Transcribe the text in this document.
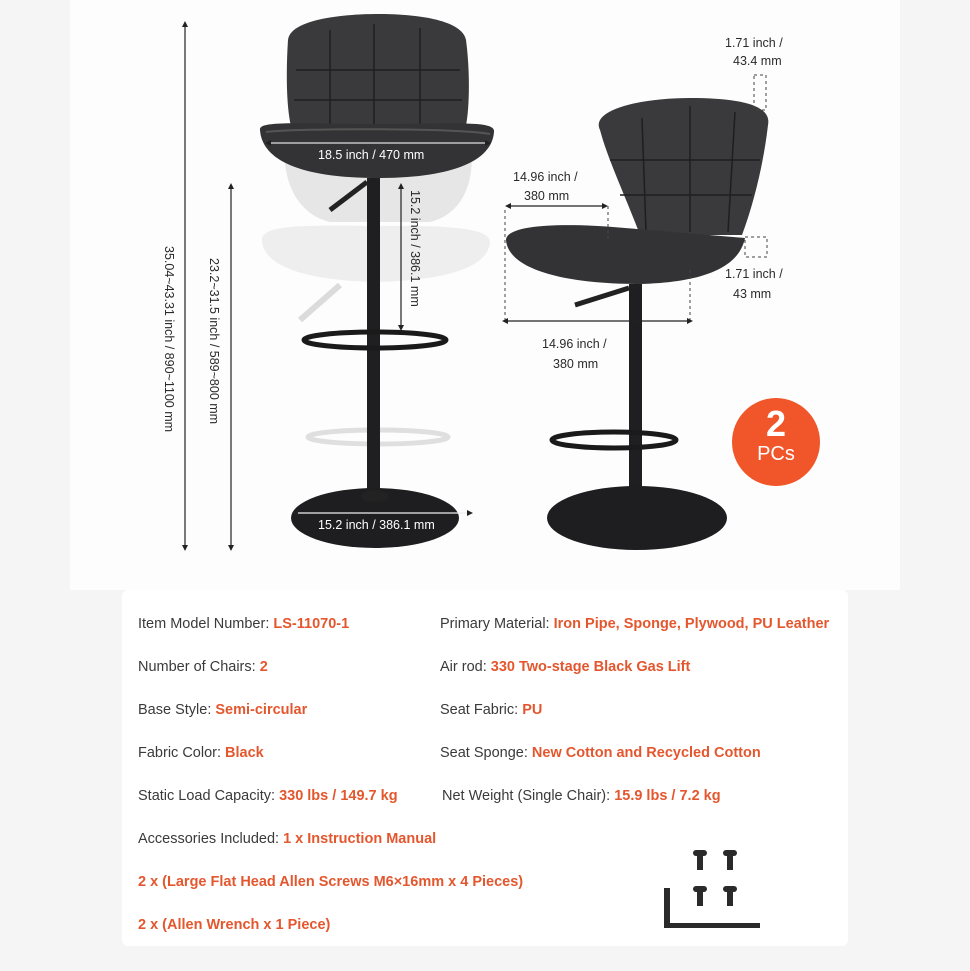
35.04~43.31 inch / 890~1100 mm 23.2~31.5 inch / 589~800 mm
15.2 inch / 386.1 mm
18.5 inch / 470 mm
15.2 inch / 386.1 mm
1.71 inch /
43.4 mm
14.96 inch /
380 mm
1.71 inch /
43 mm
14.96 inch /
380 mm
2
PCs
Item Model Number: LS-11070-1	Primary Material: Iron Pipe, Sponge, Plywood, PU Leather
Number of Chairs: 2	Air rod: 330 Two-stage Black Gas Lift
Base Style: Semi-circular	Seat Fabric: PU
Fabric Color: Black	Seat Sponge: New Cotton and Recycled Cotton
Static Load Capacity: 330 lbs / 149.7 kg	Net Weight (Single Chair): 15.9 lbs / 7.2 kg
Accessories Included: 1 x Instruction Manual
2 x (Large Flat Head Allen Screws M6×16mm x 4 Pieces)
2 x (Allen Wrench x 1 Piece)
